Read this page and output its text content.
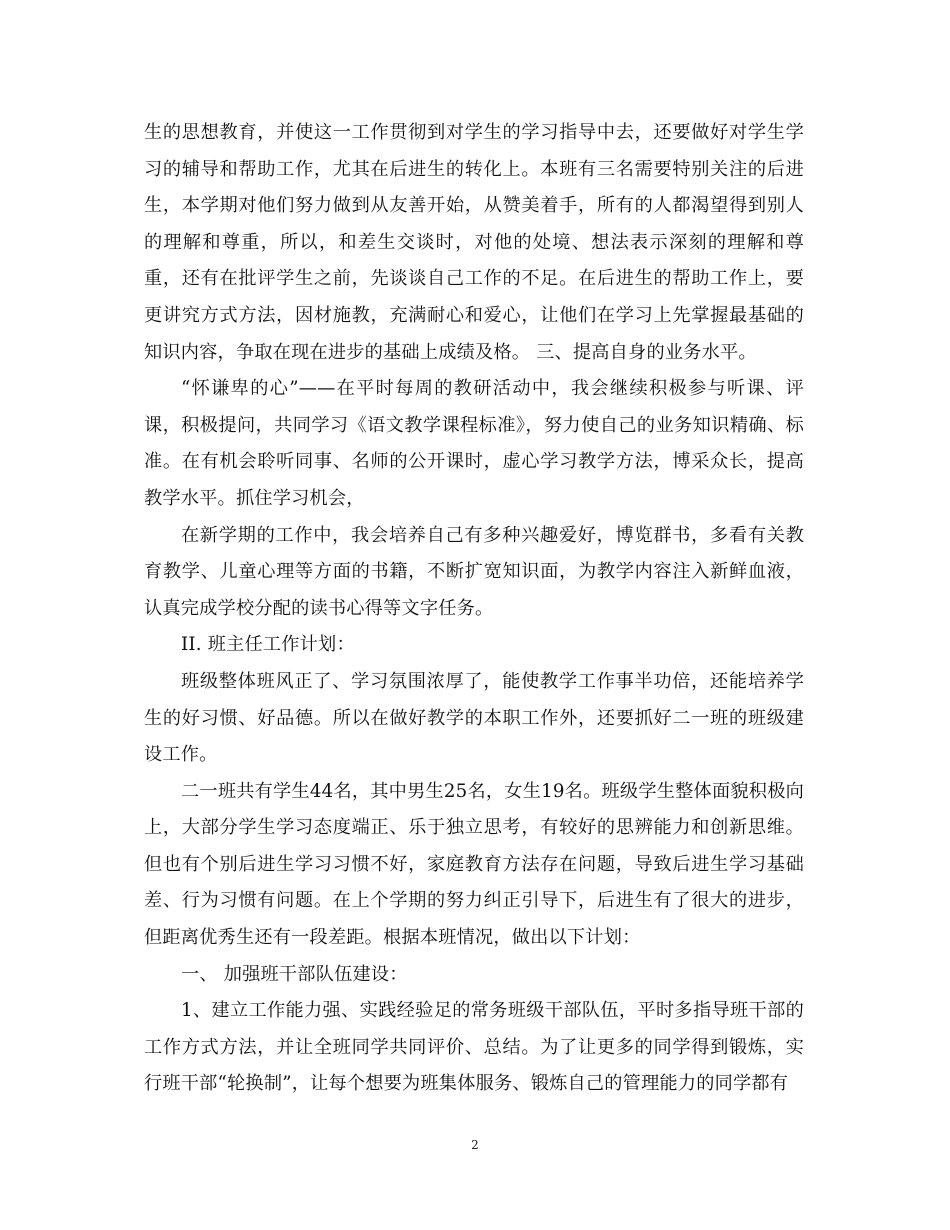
生的思想教育，并使这一工作贯彻到对学生的学习指导中去，还要做好对学生学习的辅导和帮助工作，尤其在后进生的转化上。本班有三名需要特别关注的后进生，本学期对他们努力做到从友善开始，从赞美着手，所有的人都渴望得到别人的理解和尊重，所以，和差生交谈时，对他的处境、想法表示深刻的理解和尊重，还有在批评学生之前，先谈谈自己工作的不足。在后进生的帮助工作上，要更讲究方式方法，因材施教，充满耐心和爱心，让他们在学习上先掌握最基础的知识内容，争取在现在进步的基础上成绩及格。 三、提高自身的业务水平。

“怀谦卑的心”——在平时每周的教研活动中，我会继续积极参与听课、评课，积极提问，共同学习《语文教学课程标准》，努力使自己的业务知识精确、标准。在有机会聆听同事、名师的公开课时，虚心学习教学方法，博采众长，提高教学水平。抓住学习机会，

在新学期的工作中，我会培养自己有多种兴趣爱好，博览群书，多看有关教育教学、儿童心理等方面的书籍，不断扩宽知识面，为教学内容注入新鲜血液，认真完成学校分配的读书心得等文字任务。

II. 班主任工作计划：

班级整体班风正了、学习氛围浓厚了，能使教学工作事半功倍，还能培养学生的好习惯、好品德。所以在做好教学的本职工作外，还要抓好二一班的班级建设工作。

二一班共有学生44名，其中男生25名，女生19名。班级学生整体面貌积极向上，大部分学生学习态度端正、乐于独立思考，有较好的思辨能力和创新思维。但也有个别后进生学习习惯不好，家庭教育方法存在问题，导致后进生学习基础差、行为习惯有问题。在上个学期的努力纠正引导下，后进生有了很大的进步，但距离优秀生还有一段差距。根据本班情况，做出以下计划：

一、 加强班干部队伍建设：

1、建立工作能力强、实践经验足的常务班级干部队伍，平时多指导班干部的工作方式方法，并让全班同学共同评价、总结。为了让更多的同学得到锻炼，实行班干部“轮换制”，让每个想要为班集体服务、锻炼自己的管理能力的同学都有

2
